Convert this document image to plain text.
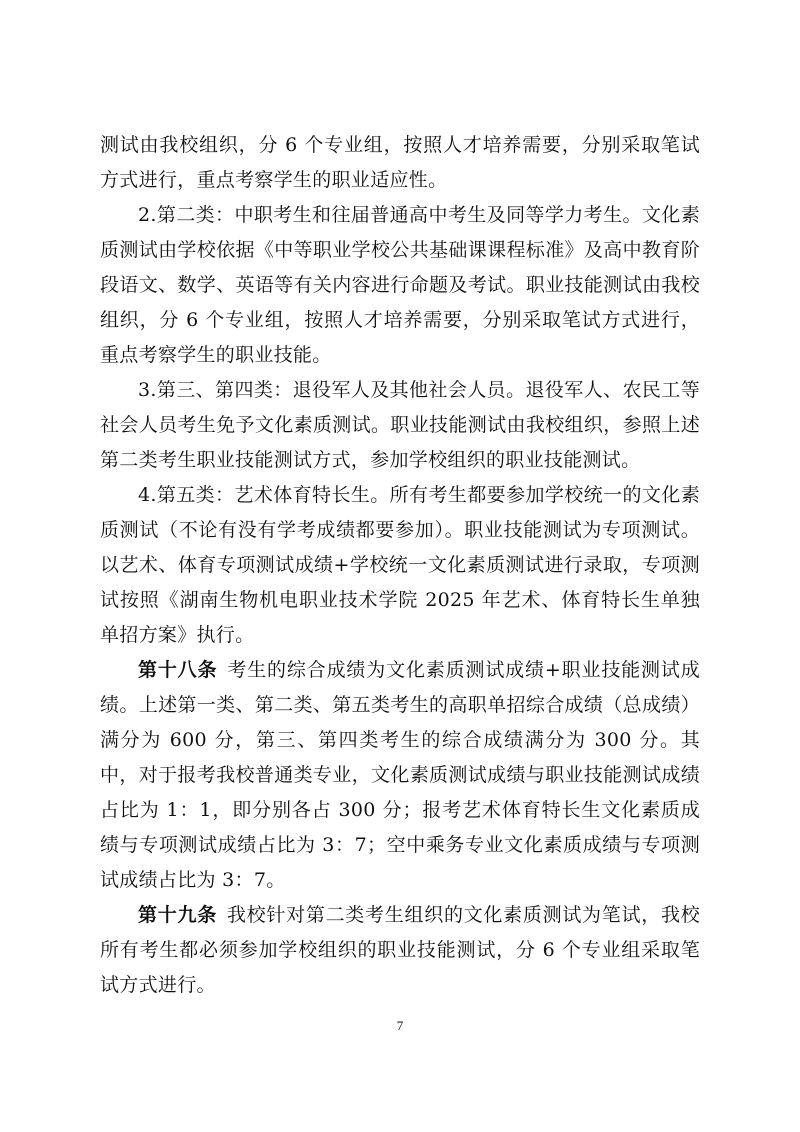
测试由我校组织，分 6 个专业组，按照人才培养需要，分别采取笔试方式进行，重点考察学生的职业适应性。

2.第二类：中职考生和往届普通高中考生及同等学力考生。文化素质测试由学校依据《中等职业学校公共基础课课程标准》及高中教育阶段语文、数学、英语等有关内容进行命题及考试。职业技能测试由我校组织，分 6 个专业组，按照人才培养需要，分别采取笔试方式进行，重点考察学生的职业技能。

3.第三、第四类：退役军人及其他社会人员。退役军人、农民工等社会人员考生免予文化素质测试。职业技能测试由我校组织，参照上述第二类考生职业技能测试方式，参加学校组织的职业技能测试。

4.第五类：艺术体育特长生。所有考生都要参加学校统一的文化素质测试（不论有没有学考成绩都要参加）。职业技能测试为专项测试。以艺术、体育专项测试成绩+学校统一文化素质测试进行录取，专项测试按照《湖南生物机电职业技术学院 2025 年艺术、体育特长生单独单招方案》执行。

第十八条 考生的综合成绩为文化素质测试成绩+职业技能测试成绩。上述第一类、第二类、第五类考生的高职单招综合成绩（总成绩）满分为 600 分，第三、第四类考生的综合成绩满分为 300 分。其中，对于报考我校普通类专业，文化素质测试成绩与职业技能测试成绩占比为 1：1，即分别各占 300 分；报考艺术体育特长生文化素质成绩与专项测试成绩占比为 3：7；空中乘务专业文化素质成绩与专项测试成绩占比为 3：7。

第十九条 我校针对第二类考生组织的文化素质测试为笔试，我校所有考生都必须参加学校组织的职业技能测试，分 6 个专业组采取笔试方式进行。

7
